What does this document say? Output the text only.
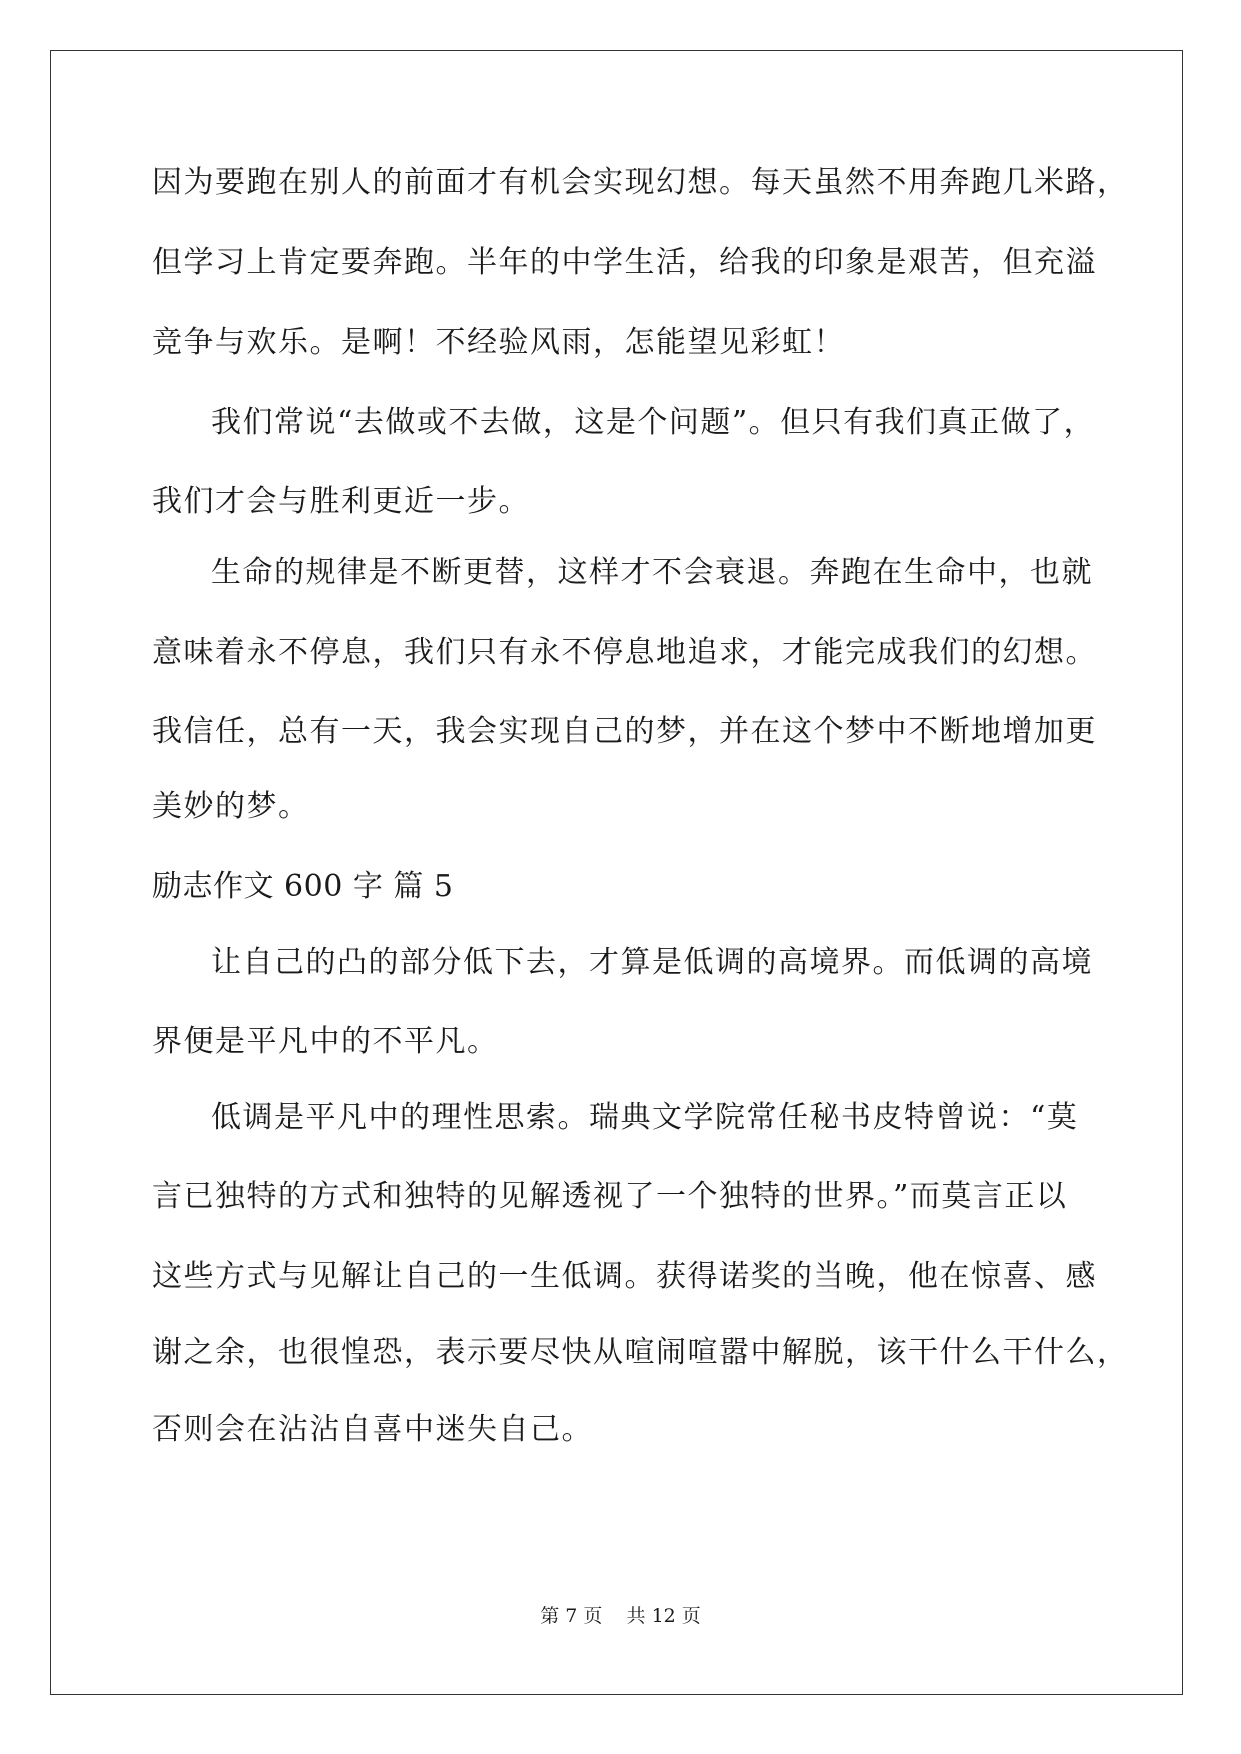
因为要跑在别人的前面才有机会实现幻想。每天虽然不用奔跑几米路，
但学习上肯定要奔跑。半年的中学生活，给我的印象是艰苦，但充溢
竞争与欢乐。是啊！不经验风雨，怎能望见彩虹！
我们常说“去做或不去做，这是个问题”。但只有我们真正做了，
我们才会与胜利更近一步。
生命的规律是不断更替，这样才不会衰退。奔跑在生命中，也就
意味着永不停息，我们只有永不停息地追求，才能完成我们的幻想。
我信任，总有一天，我会实现自己的梦，并在这个梦中不断地增加更
美妙的梦。
励志作文 600 字 篇 5
让自己的凸的部分低下去，才算是低调的高境界。而低调的高境
界便是平凡中的不平凡。
低调是平凡中的理性思索。瑞典文学院常任秘书皮特曾说：“莫
言已独特的方式和独特的见解透视了一个独特的世界。”而莫言正以
这些方式与见解让自己的一生低调。获得诺奖的当晚，他在惊喜、感
谢之余，也很惶恐，表示要尽快从喧闹喧嚣中解脱，该干什么干什么，
否则会在沾沾自喜中迷失自己。
第 7 页    共 12 页
